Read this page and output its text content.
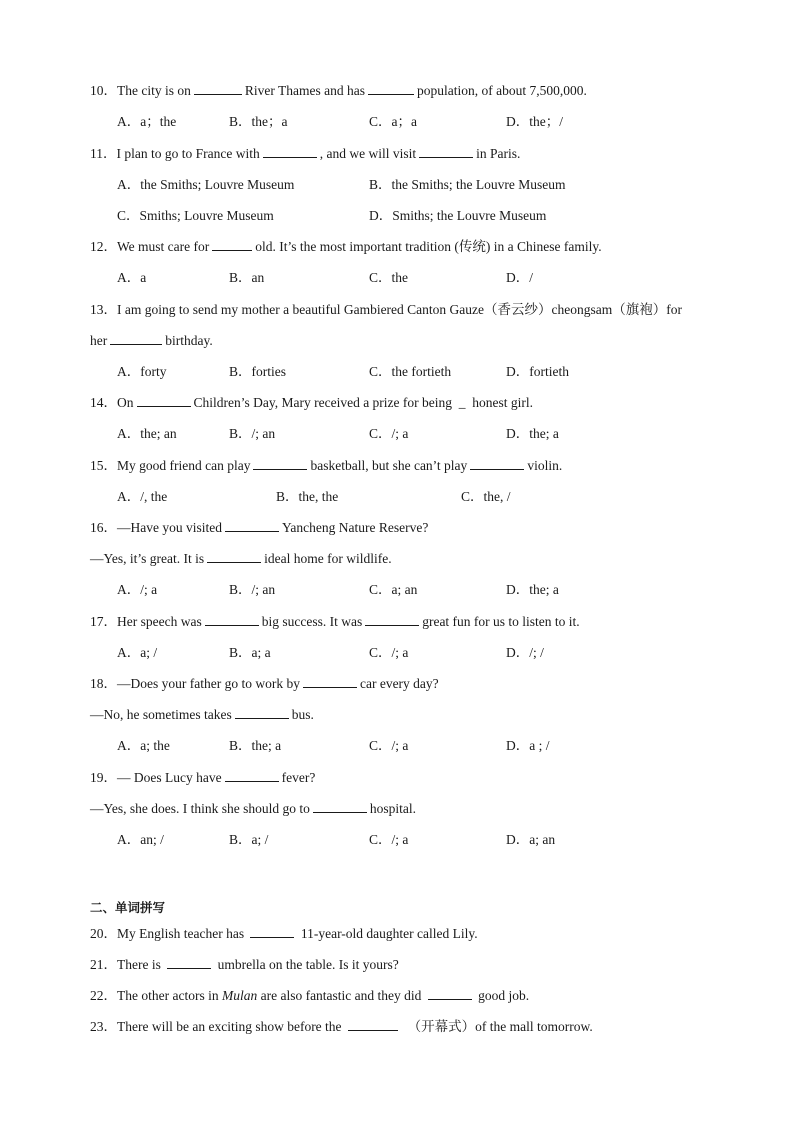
10．The city is on	River Thames and has	population, of about 7,500,000.
A．a；the	B．the；a	C．a；a	D．the；/
11．I plan to go to France with	, and we will visit	in Paris.
A．the Smiths; Louvre Museum	B．the Smiths; the Louvre Museum
C．Smiths; Louvre Museum	D．Smiths; the Louvre Museum
12．We must care for	old. It’s the most important tradition (传统) in a Chinese family.
A．a	B．an	C．the	D．/
13．I am going to send my mother a beautiful Gambiered Canton Gauze（香云纱）cheongsam（旗袍）for
her	birthday.
A．forty	B．forties	C．the fortieth	D．fortieth
14．On	Children’s Day, Mary received a prize for being _ honest girl.
A．the; an	B．/; an	C．/; a	D．the; a
15．My good friend can play	basketball, but she can’t play	violin.
A．/, the	B．the, the	C．the, /
16．—Have you visited	Yancheng Nature Reserve?
—Yes, it’s great. It is	ideal home for wildlife.
A．/; a	B．/; an	C．a; an	D．the; a
17．Her speech was	big success. It was	great fun for us to listen to it.
A．a; /	B．a; a	C．/; a	D．/; /
18．—Does your father go to work by	car every day?
—No, he sometimes takes	bus.
A．a; the	B．the; a	C．/; a	D．a ; /
19．— Does Lucy have	fever?
—Yes, she does. I think she should go to	hospital.
A．an; /	B．a; /	C．/; a	D．a; an
二、单词拼写
20．My English teacher has	11-year-old daughter called Lily.
21．There is	umbrella on the table. Is it yours?
22．The other actors in Mulan are also fantastic and they did	good job.
23．There will be an exciting show before the	（开幕式）of the mall tomorrow.
